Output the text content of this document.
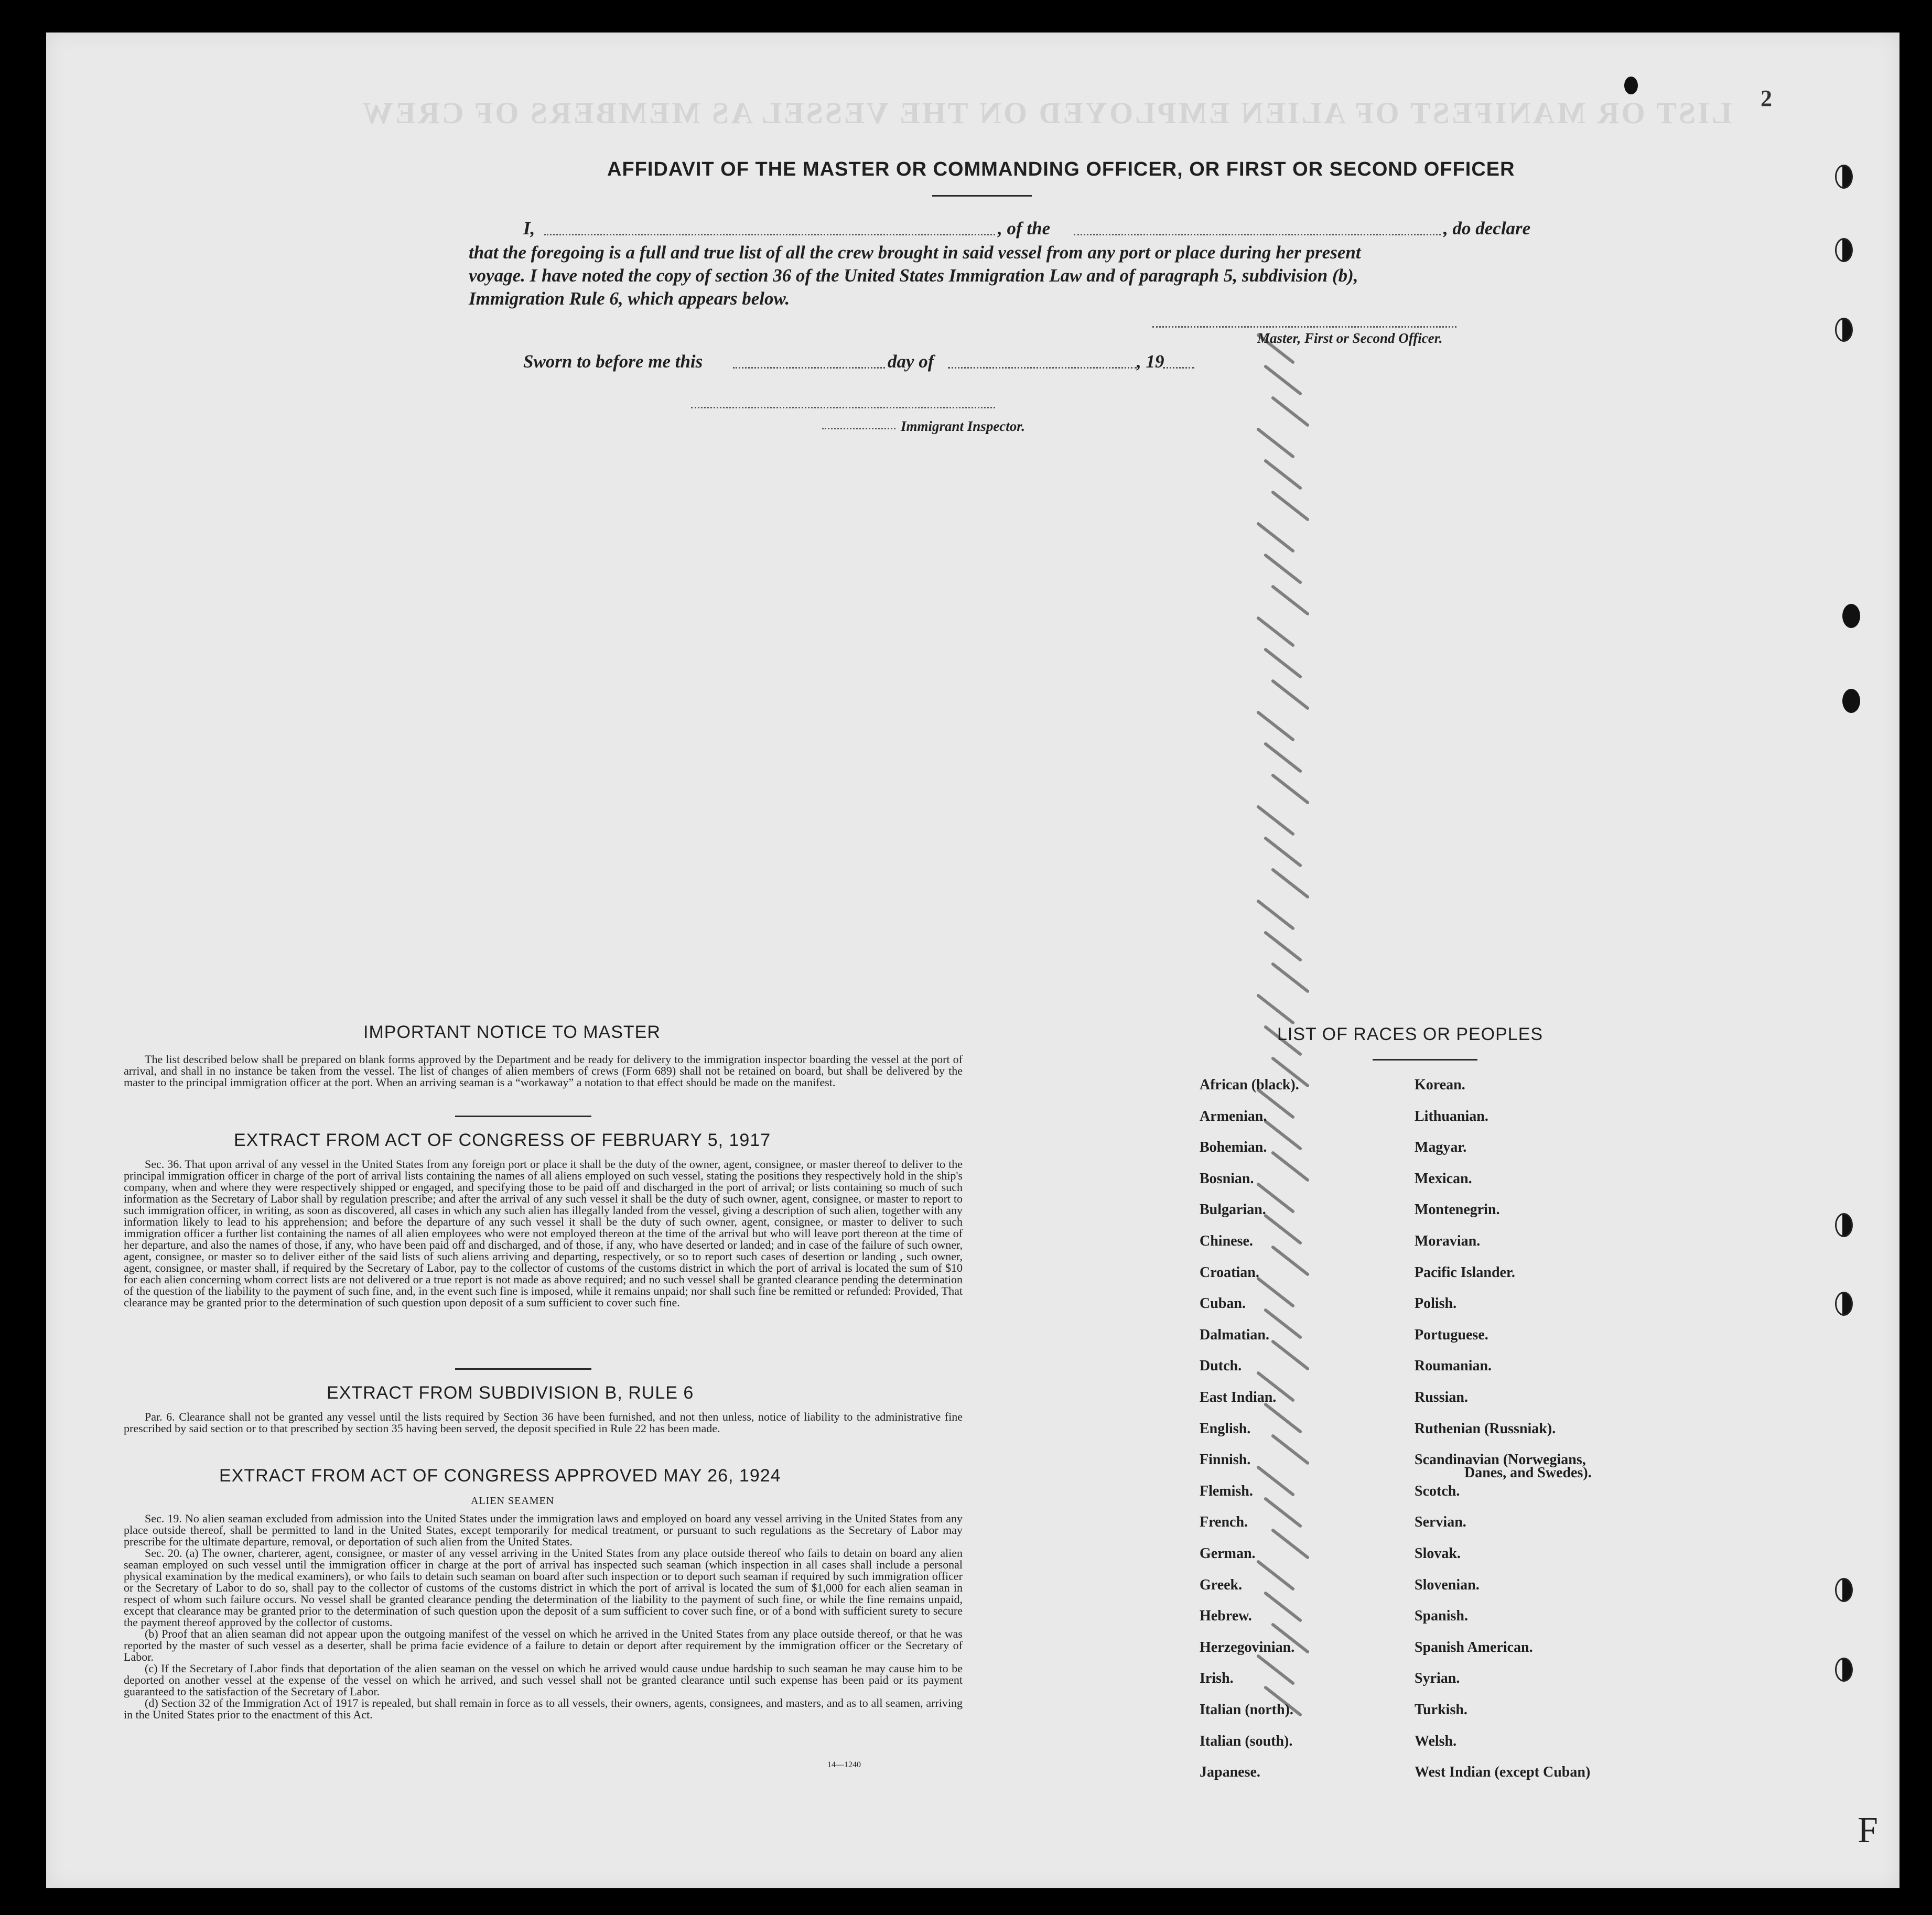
LIST OR MANIFEST OF ALIEN EMPLOYED ON THE VESSEL AS MEMBERS OF CREW 2
F
AFFIDAVIT OF THE MASTER OR COMMANDING OFFICER, OR FIRST OR SECOND OFFICER
I,	, of the	, do declare
that the foregoing is a full and true list of all the crew brought in said vessel from any port or place during her present
voyage. I have noted the copy of section 36 of the United States Immigration Law and of paragraph 5, subdivision (b),
Immigration Rule 6, which appears below.
Master, First or Second Officer.
Sworn to before me this	day of	, 19
Immigrant Inspector.
IMPORTANT NOTICE TO MASTER

The list described below shall be prepared on blank forms approved by the Department and be ready for delivery to the immigration inspector boarding the vessel at the port of arrival, and shall in no instance be taken from the vessel. The list of changes of alien members of crews (Form 689) shall not be retained on board, but shall be delivered by the master to the principal immigration officer at the port. When an arriving seaman is a “workaway” a notation to that effect should be made on the manifest.

EXTRACT FROM ACT OF CONGRESS OF FEBRUARY 5, 1917

Sec. 36. That upon arrival of any vessel in the United States from any foreign port or place it shall be the duty of the owner, agent, consignee, or master thereof to deliver to the principal immigration officer in charge of the port of arrival lists containing the names of all aliens employed on such vessel, stating the positions they respectively hold in the ship's company, when and where they were respectively shipped or engaged, and specifying those to be paid off and discharged in the port of arrival; or lists containing so much of such information as the Secretary of Labor shall by regulation prescribe; and after the arrival of any such vessel it shall be the duty of such owner, agent, consignee, or master to report to such immigration officer, in writing, as soon as discovered, all cases in which any such alien has illegally landed from the vessel, giving a description of such alien, together with any information likely to lead to his apprehension; and before the departure of any such vessel it shall be the duty of such owner, agent, consignee, or master to deliver to such immigration officer a further list containing the names of all alien employees who were not employed thereon at the time of the arrival but who will leave port thereon at the time of her departure, and also the names of those, if any, who have been paid off and discharged, and of those, if any, who have deserted or landed; and in case of the failure of such owner, agent, consignee, or master so to deliver either of the said lists of such aliens arriving and departing, respectively, or so to report such cases of desertion or landing , such owner, agent, consignee, or master shall, if required by the Secretary of Labor, pay to the collector of customs of the customs district in which the port of arrival is located the sum of $10 for each alien concerning whom correct lists are not delivered or a true report is not made as above required; and no such vessel shall be granted clearance pending the determination of the question of the liability to the payment of such fine, and, in the event such fine is imposed, while it remains unpaid; nor shall such fine be remitted or refunded: Provided, That clearance may be granted prior to the determination of such question upon deposit of a sum sufficient to cover such fine.

EXTRACT FROM SUBDIVISION B, RULE 6

Par. 6. Clearance shall not be granted any vessel until the lists required by Section 36 have been furnished, and not then unless, notice of liability to the administrative fine prescribed by said section or to that prescribed by section 35 having been served, the deposit specified in Rule 22 has been made.

EXTRACT FROM ACT OF CONGRESS APPROVED MAY 26, 1924
ALIEN SEAMEN

Sec. 19. No alien seaman excluded from admission into the United States under the immigration laws and employed on board any vessel arriving in the United States from any place outside thereof, shall be permitted to land in the United States, except temporarily for medical treatment, or pursuant to such regulations as the Secretary of Labor may prescribe for the ultimate departure, removal, or deportation of such alien from the United States.

Sec. 20. (a) The owner, charterer, agent, consignee, or master of any vessel arriving in the United States from any place outside thereof who fails to detain on board any alien seaman employed on such vessel until the immigration officer in charge at the port of arrival has inspected such seaman (which inspection in all cases shall include a personal physical examination by the medical examiners), or who fails to detain such seaman on board after such inspection or to deport such seaman if required by such immigration officer or the Secretary of Labor to do so, shall pay to the collector of customs of the customs district in which the port of arrival is located the sum of $1,000 for each alien seaman in respect of whom such failure occurs. No vessel shall be granted clearance pending the determination of the liability to the payment of such fine, or while the fine remains unpaid, except that clearance may be granted prior to the determination of such question upon the deposit of a sum sufficient to cover such fine, or of a bond with sufficient surety to secure the payment thereof approved by the collector of customs.

(b) Proof that an alien seaman did not appear upon the outgoing manifest of the vessel on which he arrived in the United States from any place outside thereof, or that he was reported by the master of such vessel as a deserter, shall be prima facie evidence of a failure to detain or deport after requirement by the immigration officer or the Secretary of Labor.

(c) If the Secretary of Labor finds that deportation of the alien seaman on the vessel on which he arrived would cause undue hardship to such seaman he may cause him to be deported on another vessel at the expense of the vessel on which he arrived, and such vessel shall not be granted clearance until such expense has been paid or its payment guaranteed to the satisfaction of the Secretary of Labor.

(d) Section 32 of the Immigration Act of 1917 is repealed, but shall remain in force as to all vessels, their owners, agents, consignees, and masters, and as to all seamen, arriving in the United States prior to the enactment of this Act.

14—1240
LIST OF RACES OR PEOPLES
African (black).
Armenian.
Bohemian.
Bosnian.
Bulgarian.
Chinese.
Croatian.
Cuban.
Dalmatian.
Dutch.
East Indian.
English.
Finnish.
Flemish.
French.
German.
Greek.
Hebrew.
Herzegovinian.
Irish.
Italian (north).
Italian (south).
Japanese.
Korean.
Lithuanian.
Magyar.
Mexican.
Montenegrin.
Moravian.
Pacific Islander.
Polish.
Portuguese.
Roumanian.
Russian.
Ruthenian (Russniak).
Scandinavian (Norwegians,
Scotch.
Servian.
Slovak.
Slovenian.
Spanish.
Spanish American.
Syrian.
Turkish.
Welsh.
West Indian (except Cuban)
Danes, and Swedes).
